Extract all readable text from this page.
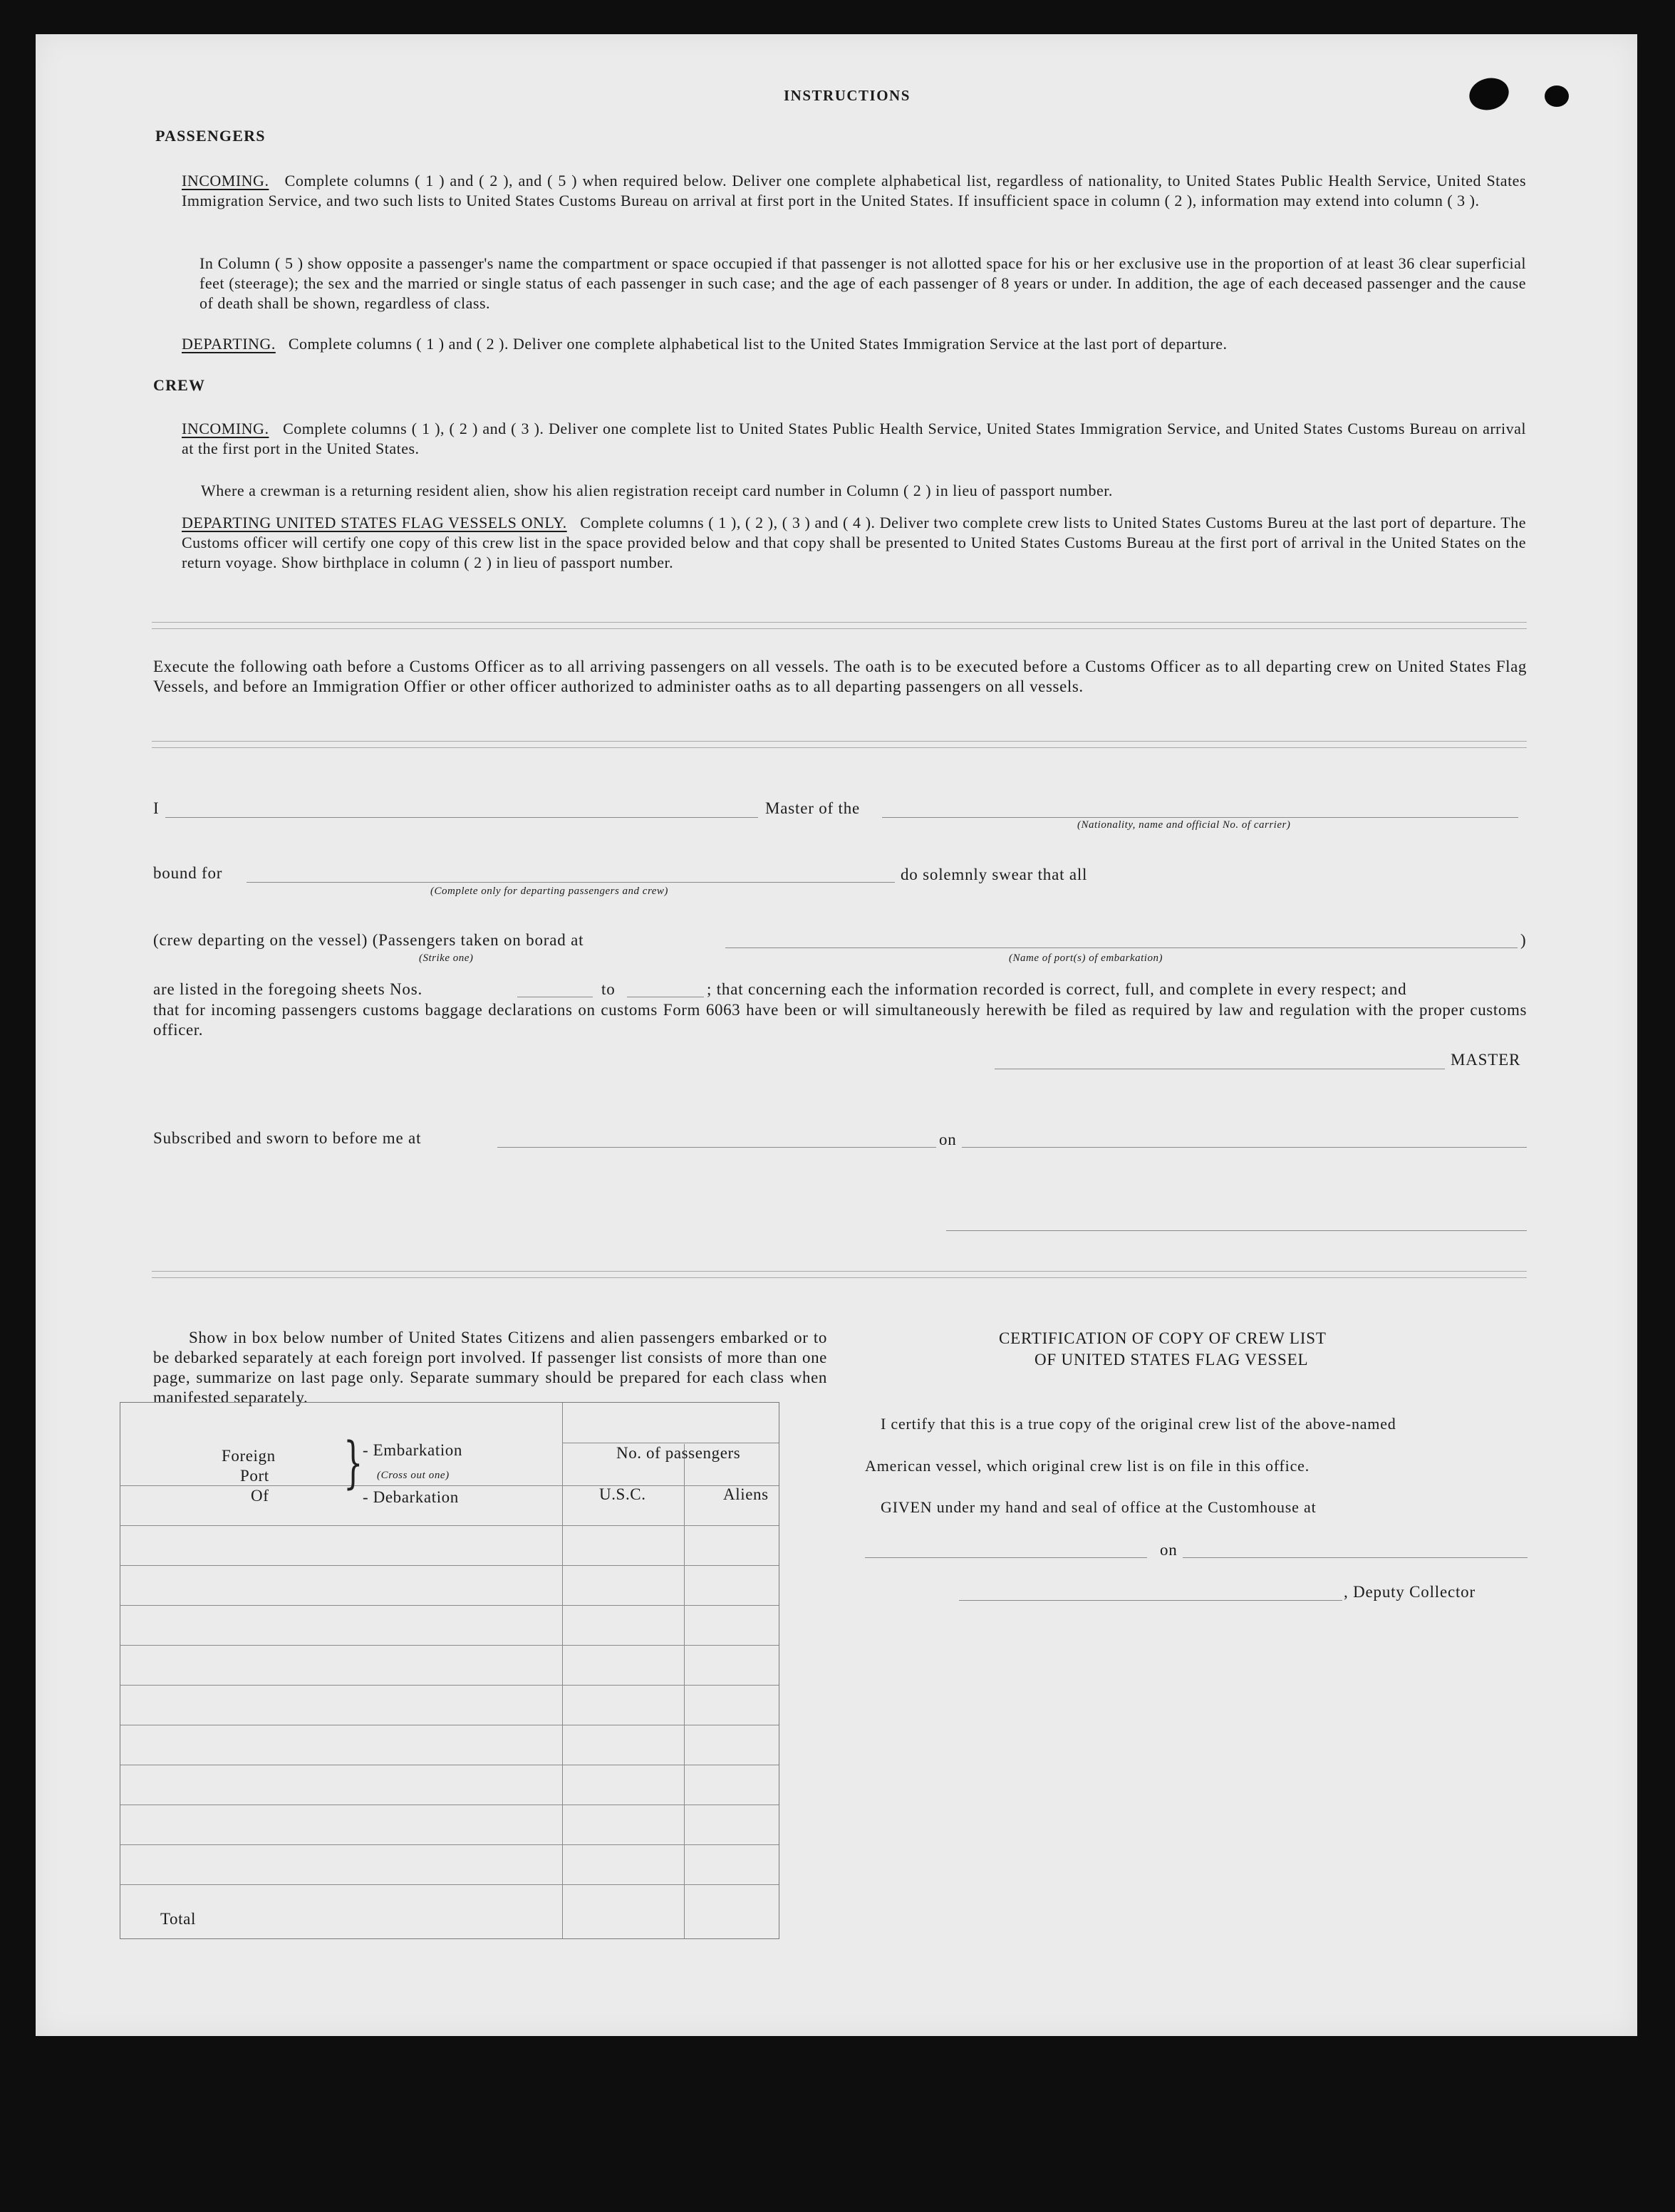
INSTRUCTIONS
PASSENGERS
INCOMING. Complete columns ( 1 ) and ( 2 ), and ( 5 ) when required below. Deliver one complete alphabetical list, regardless of nationality, to United States Public Health Service, United States Immigration Service, and two such lists to United States Customs Bureau on arrival at first port in the United States. If insufficient space in column ( 2 ), information may extend into column ( 3 ).
In Column ( 5 ) show opposite a passenger's name the compartment or space occupied if that passenger is not allotted space for his or her exclusive use in the proportion of at least 36 clear superficial feet (steerage); the sex and the married or single status of each passenger in such case; and the age of each passenger of 8 years or under. In addition, the age of each deceased passenger and the cause of death shall be shown, regardless of class.
DEPARTING. Complete columns ( 1 ) and ( 2 ). Deliver one complete alphabetical list to the United States Immigration Service at the last port of departure.
CREW
INCOMING. Complete columns ( 1 ), ( 2 ) and ( 3 ). Deliver one complete list to United States Public Health Service, United States Immigration Service, and United States Customs Bureau on arrival at the first port in the United States.
Where a crewman is a returning resident alien, show his alien registration receipt card number in Column ( 2 ) in lieu of passport number.
DEPARTING UNITED STATES FLAG VESSELS ONLY. Complete columns ( 1 ), ( 2 ), ( 3 ) and ( 4 ). Deliver two complete crew lists to United States Customs Bureu at the last port of departure. The Customs officer will certify one copy of this crew list in the space provided below and that copy shall be presented to United States Customs Bureau at the first port of arrival in the United States on the return voyage. Show birthplace in column ( 2 ) in lieu of passport number.
Execute the following oath before a Customs Officer as to all arriving passengers on all vessels. The oath is to be executed before a Customs Officer as to all departing crew on United States Flag Vessels, and before an Immigration Offier or other officer authorized to administer oaths as to all departing passengers on all vessels.
I	Master of the
(Nationality, name and official No. of carrier)
bound for	do solemnly swear that all
(Complete only for departing passengers and crew)
(crew departing on the vessel) (Passengers taken on borad at	)
(Strike one)	(Name of port(s) of embarkation)
are listed in the foregoing sheets Nos.	to	; that concerning each the information recorded is correct, full, and complete in every respect; and
that for incoming passengers customs baggage declarations on customs Form 6063 have been or will simultaneously herewith be filed as required by law and regulation with the proper customs officer.
MASTER
Subscribed and sworn to before me at	on
Show in box below number of United States Citizens and alien passengers embarked or to be debarked separately at each foreign port involved. If passenger list consists of more than one page, summarize on last page only. Separate summary should be prepared for each class when manifested separately.
Foreign
Port
Of
} - Embarkation
(Cross out one)
- Debarkation
No. of passengers
U.S.C.	Aliens
Total
CERTIFICATION OF COPY OF CREW LIST
OF UNITED STATES FLAG VESSEL
I certify that this is a true copy of the original crew list of the above-named
American vessel, which original crew list is on file in this office.
GIVEN under my hand and seal of office at the Customhouse at
on
, Deputy Collector
